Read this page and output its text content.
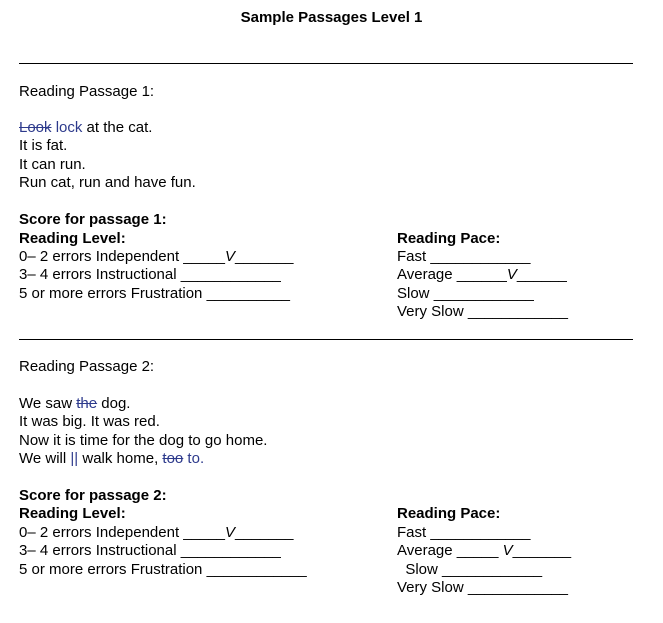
Sample Passages Level 1
Reading Passage 1:
Look lock at the cat.
It is fat.
It can run.
Run cat, run and have fun.
Score for passage 1:
Reading Level:
0– 2 errors Independent _____V_______
3– 4 errors Instructional ____________
5 or more errors Frustration __________
Reading Pace:
Fast ____________
Average ______V______
Slow ____________
Very Slow ____________
Reading Passage 2:
We saw the dog.
It was big. It was red.
Now it is time for the dog to go home.
We will || walk home, too to.
Score for passage 2:
Reading Level:
0– 2 errors Independent _____V_______
3– 4 errors Instructional ____________
5 or more errors Frustration ____________
Reading Pace:
Fast ____________
Average _____ V_______
Slow ____________
Very Slow ____________
